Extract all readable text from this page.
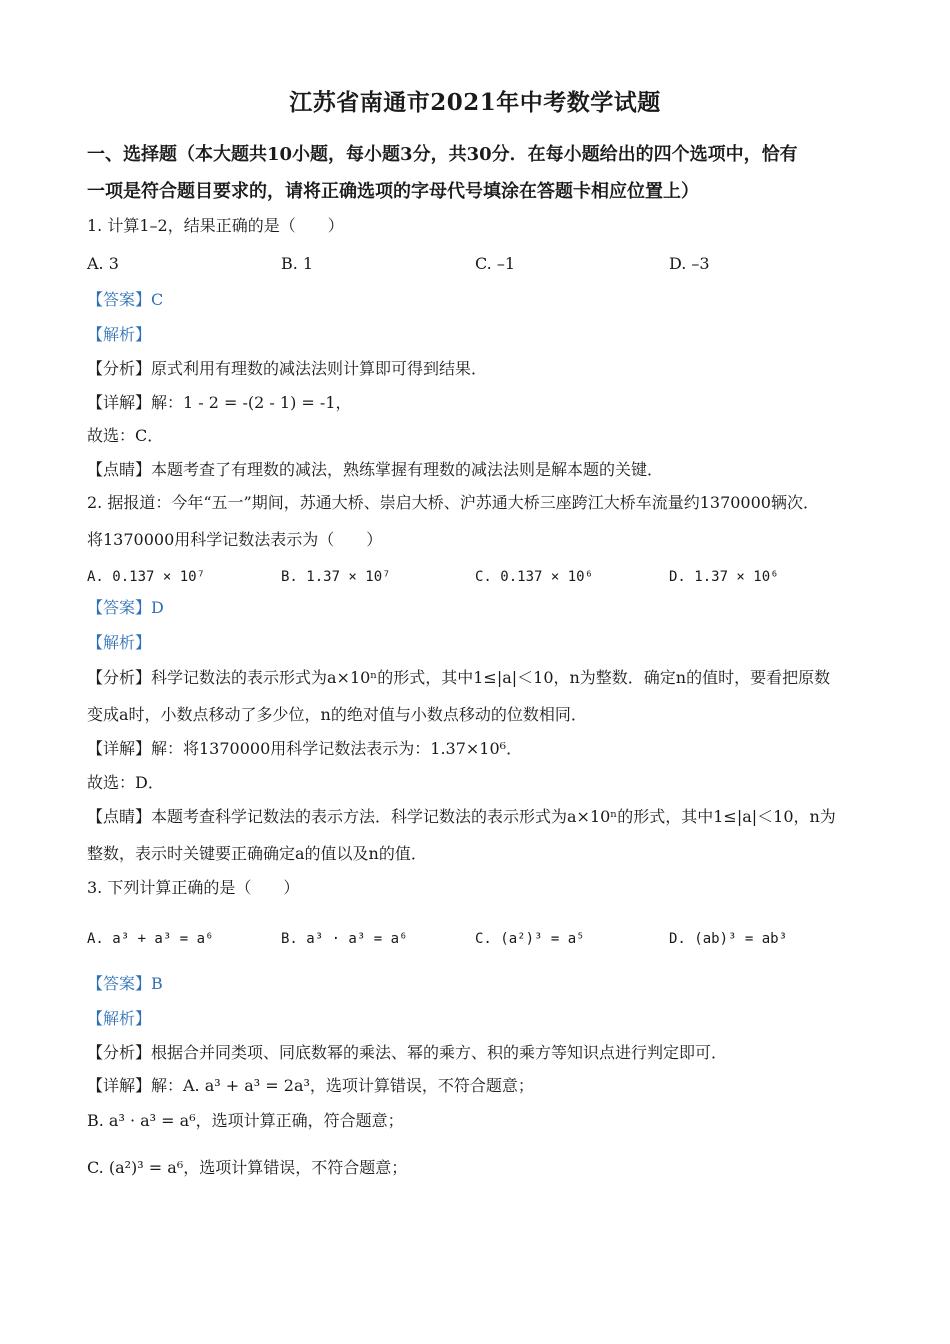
江苏省南通市2021年中考数学试题
一、选择题（本大题共10小题，每小题3分，共30分．在每小题给出的四个选项中，恰有
一项是符合题目要求的，请将正确选项的字母代号填涂在答题卡相应位置上）
1. 计算1–2，结果正确的是（　　）
A. 3	B. 1	C. –1	D. –3
【答案】C
【解析】
【分析】原式利用有理数的减法法则计算即可得到结果．
【详解】解：1 - 2 = -(2 - 1) = -1，
故选：C．
【点睛】本题考查了有理数的减法，熟练掌握有理数的减法法则是解本题的关键．
2. 据报道：今年“五一”期间，苏通大桥、崇启大桥、沪苏通大桥三座跨江大桥车流量约1370000辆次．
将1370000用科学记数法表示为（　　）
A. 0.137 × 10⁷	B. 1.37 × 10⁷	C. 0.137 × 10⁶	D. 1.37 × 10⁶
【答案】D
【解析】
【分析】科学记数法的表示形式为a×10ⁿ的形式，其中1≤|a|＜10，n为整数．确定n的值时，要看把原数
变成a时，小数点移动了多少位，n的绝对值与小数点移动的位数相同．
【详解】解：将1370000用科学记数法表示为：1.37×10⁶．
故选：D．
【点睛】本题考查科学记数法的表示方法．科学记数法的表示形式为a×10ⁿ的形式，其中1≤|a|＜10，n为
整数，表示时关键要正确确定a的值以及n的值．
3. 下列计算正确的是（　　）
A. a³ + a³ = a⁶	B. a³ · a³ = a⁶	C. (a²)³ = a⁵	D. (ab)³ = ab³
【答案】B
【解析】
【分析】根据合并同类项、同底数幂的乘法、幂的乘方、积的乘方等知识点进行判定即可．
【详解】解：A. a³ + a³ = 2a³，选项计算错误，不符合题意；
B. a³ · a³ = a⁶，选项计算正确，符合题意；
C. (a²)³ = a⁶，选项计算错误，不符合题意；
